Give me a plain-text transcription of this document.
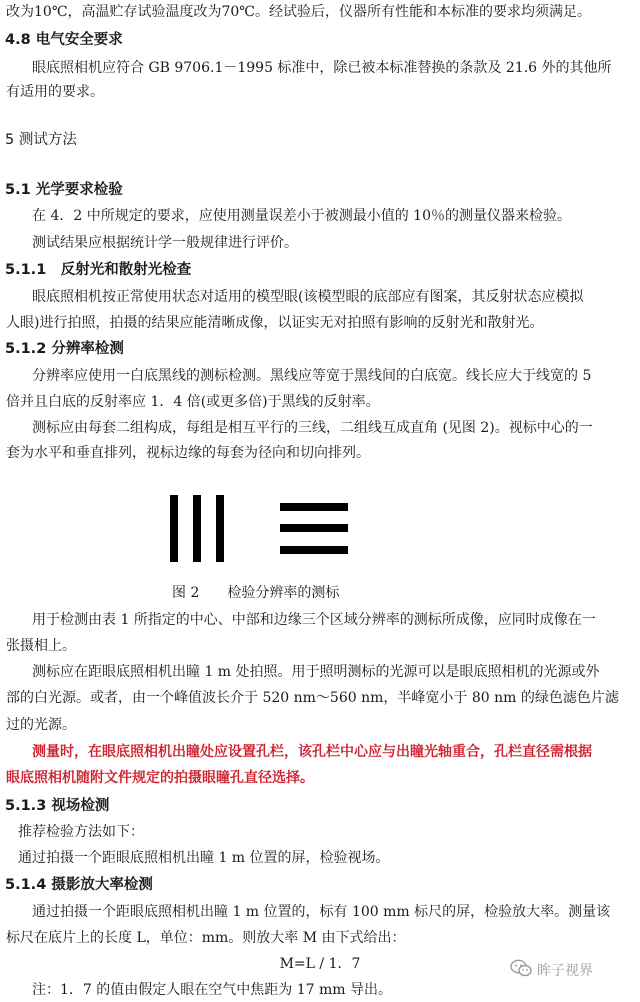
改为10℃，高温贮存试验温度改为70℃。经试验后，仪器所有性能和本标准的要求均须满足。
4.8 电气安全要求
眼底照相机应符合 GB 9706.1－1995 标准中，除已被本标准替换的条款及 21.6 外的其他所
有适用的要求。
5 测试方法
5.1 光学要求检验
在 4．2 中所规定的要求，应使用测量误差小于被测最小值的 10％的测量仪器来检验。
测试结果应根据统计学一般规律进行评价。
5.1.1　反射光和散射光检查
眼底照相机按正常使用状态对适用的模型眼(该模型眼的底部应有图案，其反射状态应模拟
人眼)进行拍照，拍摄的结果应能清晰成像，以证实无对拍照有影响的反射光和散射光。
5.1.2 分辨率检测
分辨率应使用一白底黑线的测标检测。黑线应等宽于黑线间的白底宽。线长应大于线宽的 5
倍并且白底的反射率应 1．4 倍(或更多倍)于黑线的反射率。
测标应由每套二组构成，每组是相互平行的三线，二组线互成直角 (见图 2)。视标中心的一
套为水平和垂直排列，视标边缘的每套为径向和切向排列。
图 2　　检验分辨率的测标
用于检测由表 1 所指定的中心、中部和边缘三个区域分辨率的测标所成像，应同时成像在一
张摄相上。
测标应在距眼底照相机出瞳 1 m 处拍照。用于照明测标的光源可以是眼底照相机的光源或外
部的白光源。或者，由一个峰值波长介于 520 nm～560 nm，半峰宽小于 80 nm 的绿色滤色片滤
过的光源。
测量时，在眼底照相机出瞳处应设置孔栏，该孔栏中心应与出瞳光轴重合，孔栏直径需根据
眼底照相机随附文件规定的拍摄眼瞳孔直径选择。
5.1.3 视场检测
推荐检验方法如下：
通过拍摄一个距眼底照相机出瞳 1 m 位置的屏，检验视场。
5.1.4 摄影放大率检测
通过拍摄一个距眼底照相机出瞳 1 m 位置的，标有 100 mm 标尺的屏，检验放大率。测量该
标尺在底片上的长度 L，单位：mm。则放大率 M 由下式给出：
M=L / 1．7
注：1．7 的值由假定人眼在空气中焦距为 17 mm 导出。
眸子视界
